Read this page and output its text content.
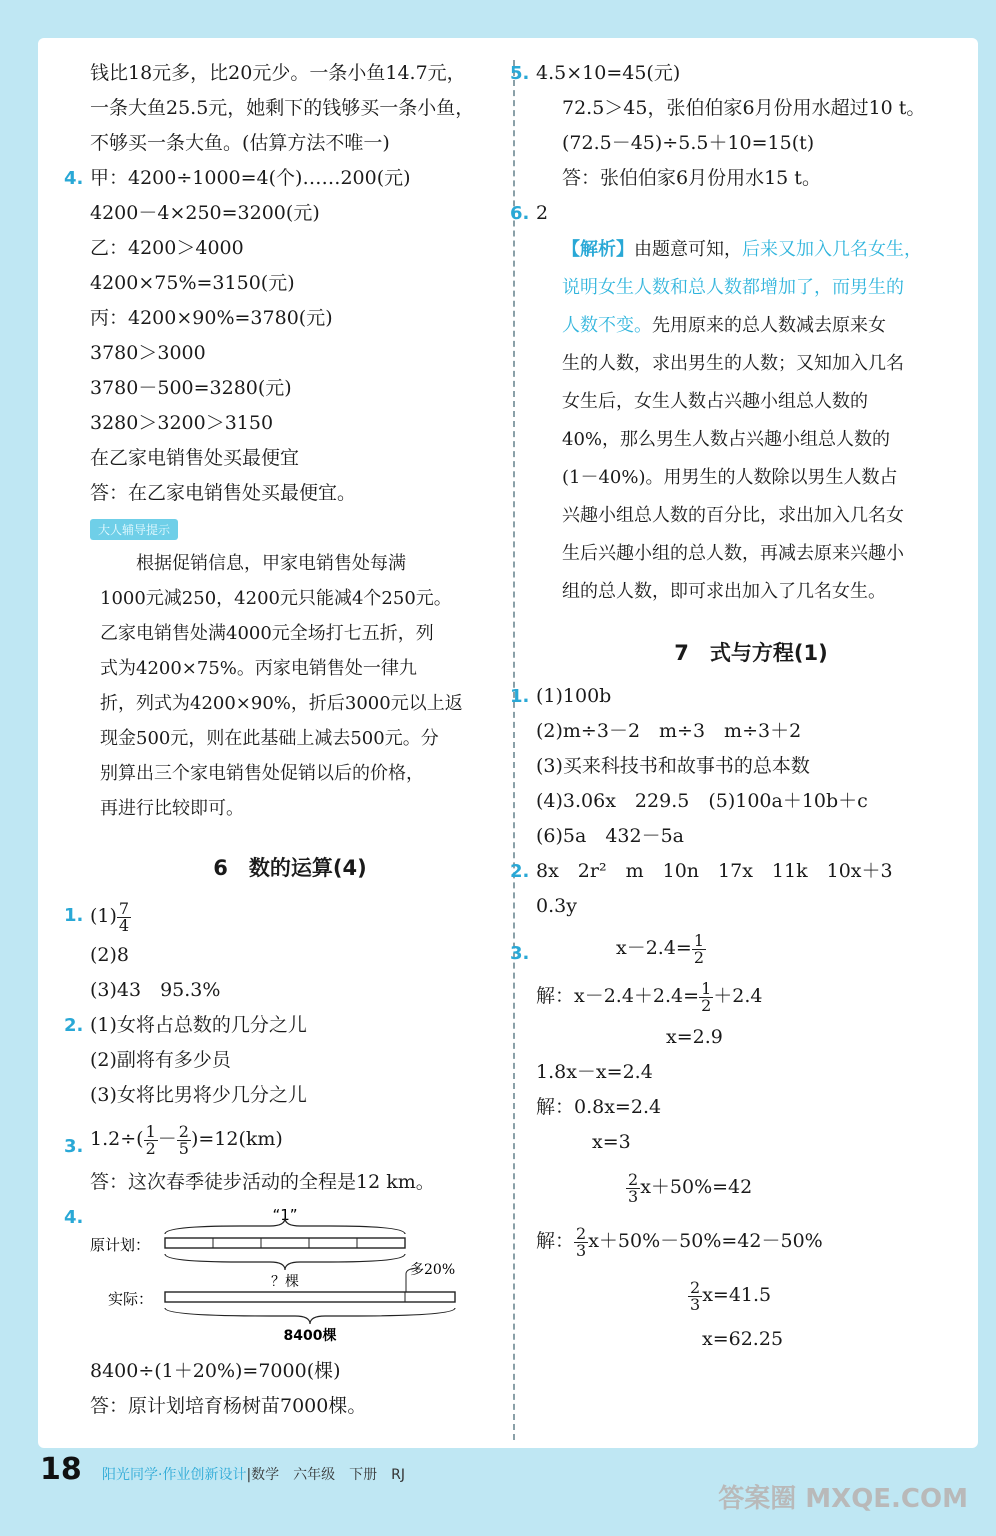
钱比18元多，比20元少。一条小鱼14.7元，
一条大鱼25.5元，她剩下的钱够买一条小鱼，
不够买一条大鱼。(估算方法不唯一)
4. 甲：4200÷1000=4(个)……200(元)
4200－4×250=3200(元)
乙：4200＞4000
4200×75%=3150(元)
丙：4200×90%=3780(元)
3780＞3000
3780－500=3280(元)
3280＞3200＞3150
在乙家电销售处买最便宜
答：在乙家电销售处买最便宜。
大人辅导提示

根据促销信息，甲家电销售处每满

1000元减250，4200元只能减4个250元。

乙家电销售处满4000元全场打七五折，列

式为4200×75%。丙家电销售处一律九

折，列式为4200×90%，折后3000元以上返

现金500元，则在此基础上减去500元。分

别算出三个家电销售处促销以后的价格，

再进行比较即可。

6　数的运算(4)
1. $(1) \frac{7}{4}$
(2)8
(3)43　95.3%
2. (1)女将占总数的几分之儿
(2)副将有多少员
(3)女将比男将少几分之儿
3. $1.2\div( \frac{1}{2} - \frac{2}{5} )=12(km)$
答：这次春季徒步活动的全程是12 km。
4.	“1”
原计划：
？棵
多20%
实际：
8400棵
8400÷(1＋20%)=7000(棵)
答：原计划培育杨树苗7000棵。
5. 4.5×10=45(元)
72.5＞45，张伯伯家6月份用水超过10 t。
(72.5－45)÷5.5＋10=15(t)
答：张伯伯家6月份用水15 t。
6. 2

【解析】由题意可知，后来又加入几名女生，

说明女生人数和总人数都增加了，而男生的

人数不变。先用原来的总人数减去原来女

生的人数，求出男生的人数；又知加入几名

女生后，女生人数占兴趣小组总人数的

40%，那么男生人数占兴趣小组总人数的

(1－40%)。用男生的人数除以男生人数占

兴趣小组总人数的百分比，求出加入几名女

生后兴趣小组的总人数，再减去原来兴趣小

组的总人数，即可求出加入了几名女生。

7　式与方程(1)
1. (1)100b
(2)m÷3－2　m÷3　m÷3＋2
(3)买来科技书和故事书的总本数
(4)3.06x　229.5　(5)100a＋10b＋c
(6)5a　432－5a
2. 8x　2r²　m　10n　17x　11k　10x＋3
0.3y
3.	$x-2.4= \frac{1}{2}$
解：$x-2.4+2.4= \frac{1}{2} +2.4$
x=2.9
1.8x－x=2.4
解：0.8x=2.4
x=3
$\frac{2}{3} x+50\%=42$
解： $\frac{2}{3} x+50\%-50\%=42-50\%$
$\frac{2}{3} x=41.5$
x=62.25
18 阳光同学·作业创新设计|数学　六年级　下册　RJ
答案圈 MXQE.COM
